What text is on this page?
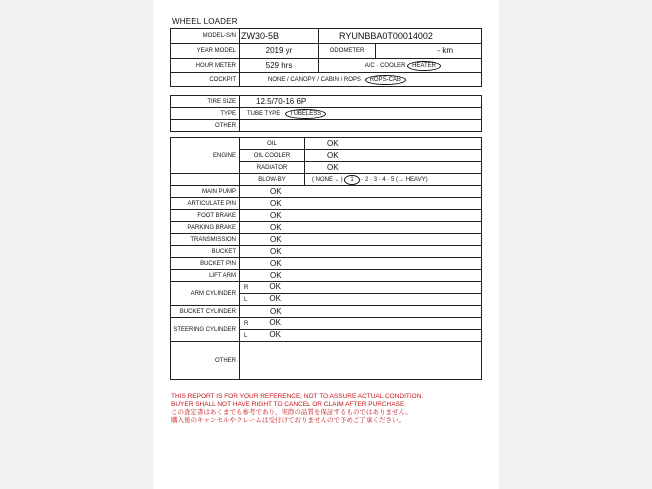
WHEEL LOADER
MODEL-S/N	ZW30-5B	RYUNBBA0T00014002	
YEAR MODEL	2019 yr	ODOMETER	- km
HOUR METER	529 hrs	A/C · COOLER HEATER	
COCKPIT	NONE / CANOPY / CABIN / ROPS ROPS-CAB		
TIRE SIZE	12.5/70-16 6P
TYPE	TUBE TYPE TUBELESS
OTHER	
ENGINE	OIL	OK
	OIL COOLER	OK
	RADIATOR	OK
	BLOW-BY	( NONE ←) 1 · 2 · 3 · 4 · 5 (→ HEAVY)
MAIN PUMP	OK	
ARTICULATE PIN	OK	
FOOT BRAKE	OK	
PARKING BRAKE	OK	
TRANSMISSION	OK	
BUCKET	OK	
BUCKET PIN	OK	
LIFT ARM	OK	
ARM CYLINDER	R OK	
	L OK	
BUCKET CYLINDER	OK	
STEERING CYLINDER	R OK	
	L OK	
OTHER		
THIS REPORT IS FOR YOUR REFERENCE, NOT TO ASSURE ACTUAL CONDITION.
BUYER SHALL NOT HAVE RIGHT TO CANCEL OR CLAIM AFTER PURCHASE.
この査定書はあくまでも参考であり、実際の品質を保証するものではありません。
購入後のキャンセルやクレームは受付けておりませんので予めご了承ください。
